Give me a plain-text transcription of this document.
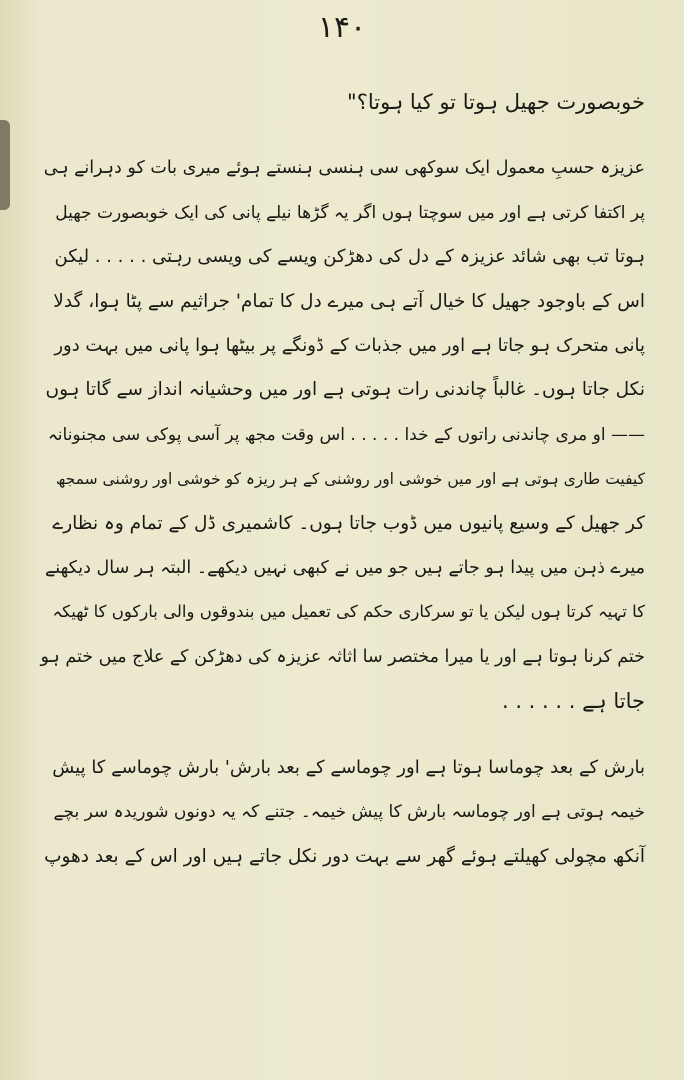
۱۴۰

خوبصورت جھیل ہوتا تو کیا ہوتا؟"

عزیزہ حسبِ معمول ایک سوکھی سی ہنسی ہنستے ہوئے میری بات کو دہرانے ہی
پر اکتفا کرتی ہے اور میں سوچتا ہوں اگر یہ گڑھا نیلے پانی کی ایک خوبصورت جھیل
ہوتا تب بھی شائد عزیزہ کے دل کی دھڑکن ویسے کی ویسی رہتی . . . . . لیکن
اس کے باوجود جھیل کا خیال آتے ہی میرے دل کا تمام' جراثیم سے پٹا ہوا، گدلا
پانی متحرک ہو جاتا ہے اور میں جذبات کے ڈونگے پر بیٹھا ہوا پانی میں بہت دور
نکل جاتا ہوں۔ غالباً چاندنی رات ہوتی ہے اور میں وحشیانہ انداز سے گاتا ہوں
—— او مری چاندنی راتوں کے خدا . . . . . اس وقت مجھ پر آسی پوکی سی مجنونانہ
کیفیت طاری ہوتی ہے اور میں خوشی اور روشنی کے ہر ریزہ کو خوشی اور روشنی سمجھ
کر جھیل کے وسیع پانیوں میں ڈوب جاتا ہوں۔ کاشمیری ڈل کے تمام وہ نظارے
میرے ذہن میں پیدا ہو جاتے ہیں جو میں نے کبھی نہیں دیکھے۔ البتہ ہر سال دیکھنے
کا تہیہ کرتا ہوں لیکن یا تو سرکاری حکم کی تعمیل میں بندوقوں والی بارکوں کا ٹھیکہ
ختم کرنا ہوتا ہے اور یا میرا مختصر سا اثاثہ عزیزہ کی دھڑکن کے علاج میں ختم ہو
جاتا ہے . . . . . .

بارش کے بعد چوماسا ہوتا ہے اور چوماسے کے بعد بارش' بارش چوماسے کا پیش
خیمہ ہوتی ہے اور چوماسہ بارش کا پیش خیمہ۔ جتنے کہ یہ دونوں شوریدہ سر بچے
آنکھ مچولی کھیلتے ہوئے گھر سے بہت دور نکل جاتے ہیں اور اس کے بعد دھوپ
